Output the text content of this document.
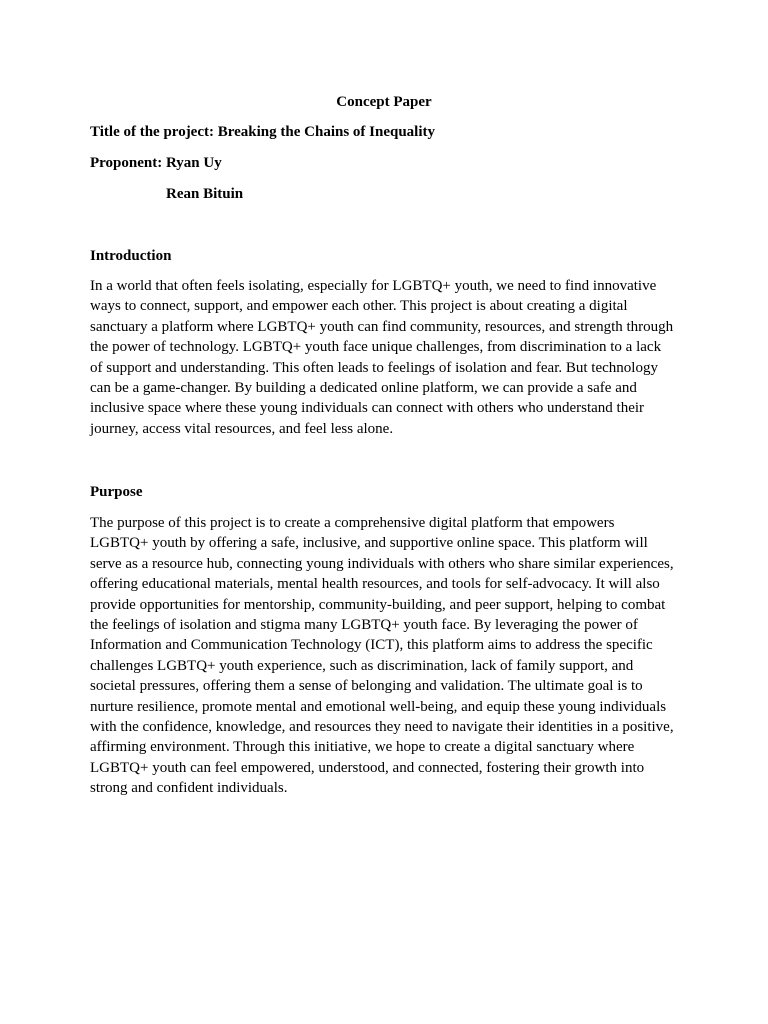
Concept Paper
Title of the project: Breaking the Chains of Inequality
Proponent: Ryan Uy
Rean Bituin
Introduction
In a world that often feels isolating, especially for LGBTQ+ youth, we need to find innovative
ways to connect, support, and empower each other. This project is about creating a digital
sanctuary a platform where LGBTQ+ youth can find community, resources, and strength through
the power of technology. LGBTQ+ youth face unique challenges, from discrimination to a lack
of support and understanding. This often leads to feelings of isolation and fear. But technology
can be a game-changer. By building a dedicated online platform, we can provide a safe and
inclusive space where these young individuals can connect with others who understand their
journey, access vital resources, and feel less alone.
Purpose
The purpose of this project is to create a comprehensive digital platform that empowers
LGBTQ+ youth by offering a safe, inclusive, and supportive online space. This platform will
serve as a resource hub, connecting young individuals with others who share similar experiences,
offering educational materials, mental health resources, and tools for self-advocacy. It will also
provide opportunities for mentorship, community-building, and peer support, helping to combat
the feelings of isolation and stigma many LGBTQ+ youth face. By leveraging the power of
Information and Communication Technology (ICT), this platform aims to address the specific
challenges LGBTQ+ youth experience, such as discrimination, lack of family support, and
societal pressures, offering them a sense of belonging and validation. The ultimate goal is to
nurture resilience, promote mental and emotional well-being, and equip these young individuals
with the confidence, knowledge, and resources they need to navigate their identities in a positive,
affirming environment. Through this initiative, we hope to create a digital sanctuary where
LGBTQ+ youth can feel empowered, understood, and connected, fostering their growth into
strong and confident individuals.
